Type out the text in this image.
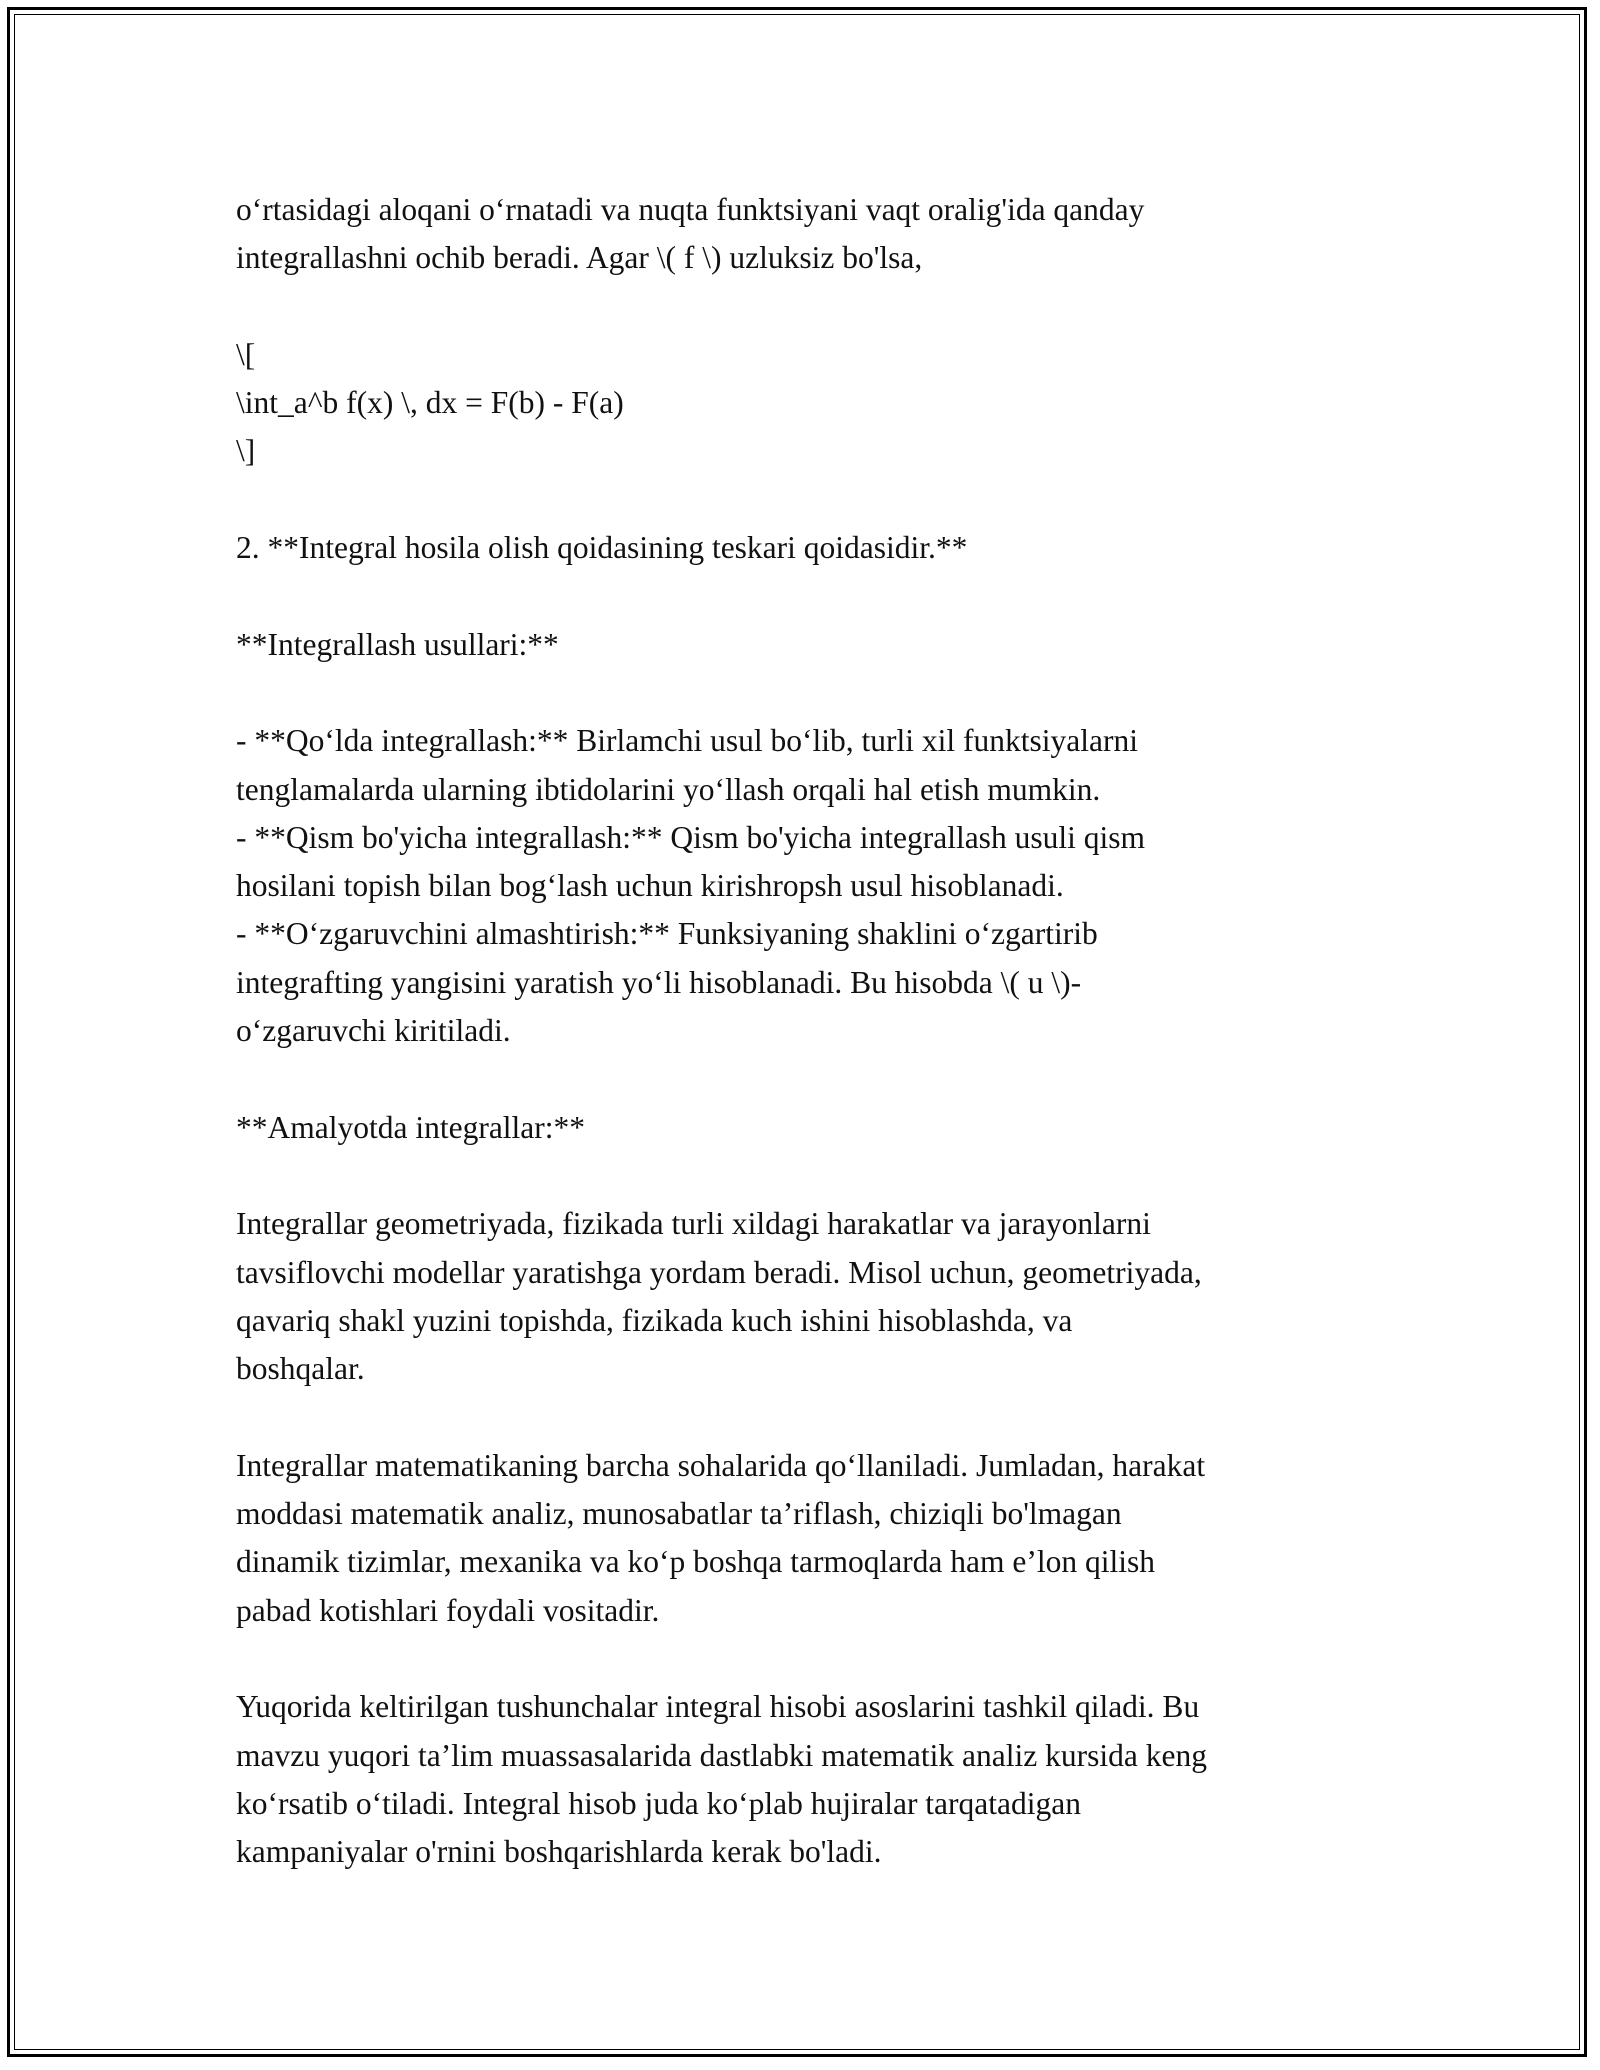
o‘rtasidagi aloqani o‘rnatadi va nuqta funktsiyani vaqt oralig'ida qanday
integrallashni ochib beradi. Agar \( f \) uzluksiz bo'lsa,
\[
\int_a^b f(x) \, dx = F(b) - F(a)
\]
2. **Integral hosila olish qoidasining teskari qoidasidir.**
**Integrallash usullari:**
- **Qo‘lda integrallash:** Birlamchi usul bo‘lib, turli xil funktsiyalarni
tenglamalarda ularning ibtidolarini yo‘llash orqali hal etish mumkin.
- **Qism bo'yicha integrallash:** Qism bo'yicha integrallash usuli qism
hosilani topish bilan bog‘lash uchun kirishropsh usul hisoblanadi.
- **O‘zgaruvchini almashtirish:** Funksiyaning shaklini o‘zgartirib
integrafting yangisini yaratish yo‘li hisoblanadi. Bu hisobda \( u \)-
o‘zgaruvchi kiritiladi.
**Amalyotda integrallar:**
Integrallar geometriyada, fizikada turli xildagi harakatlar va jarayonlarni
tavsiflovchi modellar yaratishga yordam beradi. Misol uchun, geometriyada,
qavariq shakl yuzini topishda, fizikada kuch ishini hisoblashda, va
boshqalar.
Integrallar matematikaning barcha sohalarida qo‘llaniladi. Jumladan, harakat
moddasi matematik analiz, munosabatlar ta’riflash, chiziqli bo'lmagan
dinamik tizimlar, mexanika va ko‘p boshqa tarmoqlarda ham e’lon qilish
pabad kotishlari foydali vositadir.
Yuqorida keltirilgan tushunchalar integral hisobi asoslarini tashkil qiladi. Bu
mavzu yuqori ta’lim muassasalarida dastlabki matematik analiz kursida keng
ko‘rsatib o‘tiladi. Integral hisob juda ko‘plab hujiralar tarqatadigan
kampaniyalar o'rnini boshqarishlarda kerak bo'ladi.
